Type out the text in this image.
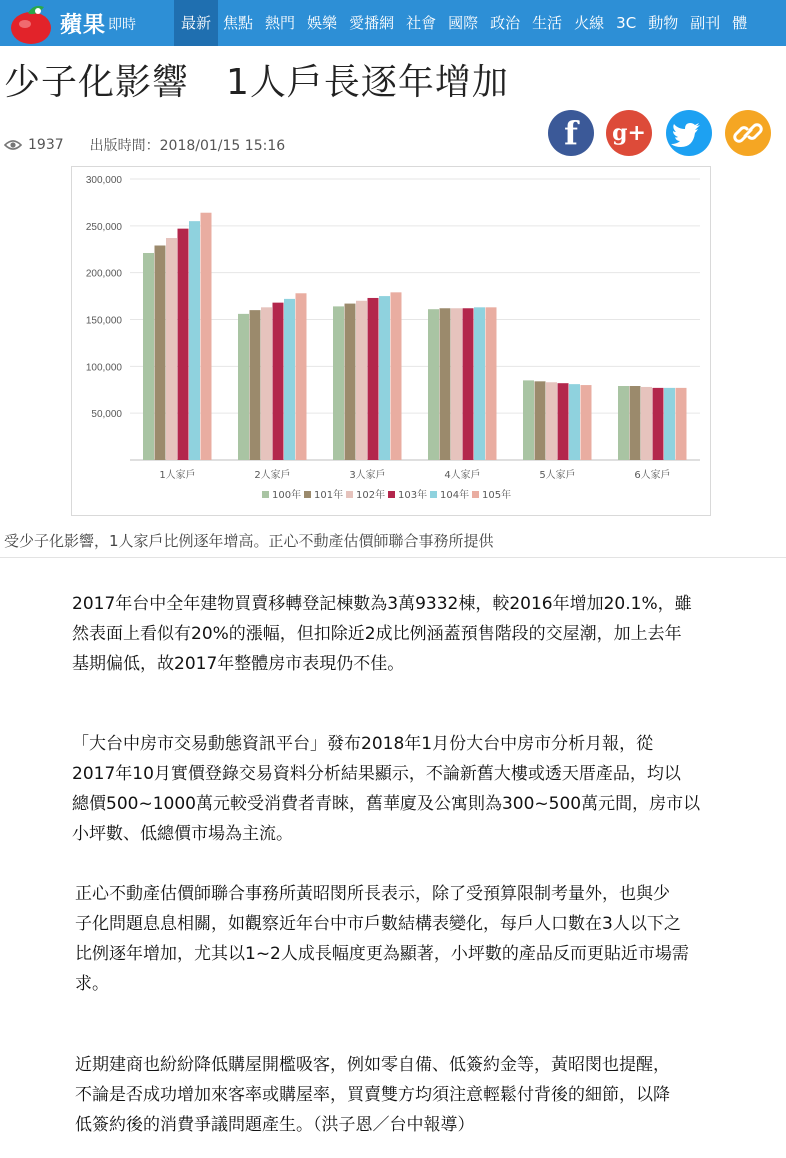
蘋果 即時	最新 焦點 熱門 娛樂 愛播網 社會 國際 政治 生活 火線 3C 動物 副刊 體
少子化影響　1人戶長逐年增加
1937 出版時間：2018/01/15 15:16	f	g+
300,000
250,000
200,000
150,000
100,000
50,000
1人家戶	2人家戶	3人家戶	4人家戶	5人家戶	6人家戶
100年 101年 102年 103年 104年 105年
受少子化影響，1人家戶比例逐年增高。正心不動產估價師聯合事務所提供
2017年台中全年建物買賣移轉登記棟數為3萬9332棟，較2016年增加20.1%，雖
然表面上看似有20%的漲幅，但扣除近2成比例涵蓋預售階段的交屋潮，加上去年
基期偏低，故2017年整體房市表現仍不佳。
「大台中房市交易動態資訊平台」發布2018年1月份大台中房市分析月報，從
2017年10月實價登錄交易資料分析結果顯示，不論新舊大樓或透天厝產品，均以
總價500~1000萬元較受消費者青睞，舊華廈及公寓則為300~500萬元間，房市以
小坪數、低總價市場為主流。
正心不動產估價師聯合事務所黃昭閔所長表示，除了受預算限制考量外，也與少
子化問題息息相關，如觀察近年台中市戶數結構表變化，每戶人口數在3人以下之
比例逐年增加，尤其以1~2人成長幅度更為顯著，小坪數的產品反而更貼近市場需
求。
近期建商也紛紛降低購屋開檻吸客，例如零自備、低簽約金等，黃昭閔也提醒，
不論是否成功增加來客率或購屋率，買賣雙方均須注意輕鬆付背後的細節，以降
低簽約後的消費爭議問題產生。（洪子恩／台中報導）
